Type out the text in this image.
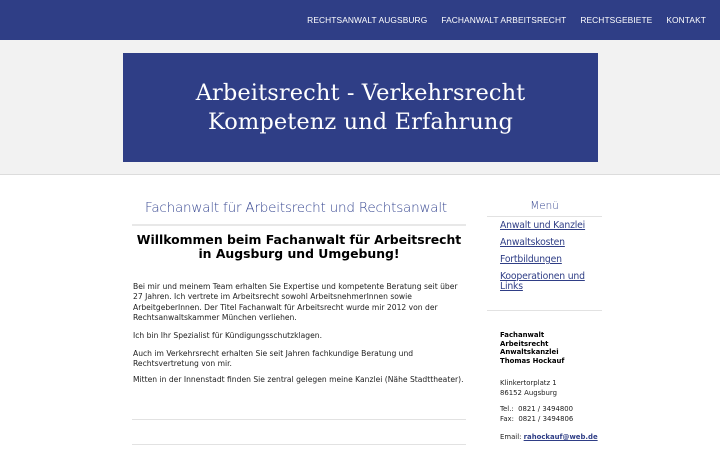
RECHTSANWALT AUGSBURG FACHANWALT ARBEITSRECHT RECHTSGEBIETE KONTAKT
Arbeitsrecht - Verkehrsrecht
Kompetenz und Erfahrung
Fachanwalt für Arbeitsrecht und Rechtsanwalt
Willkommen beim Fachanwalt für Arbeitsrecht in Augsburg und Umgebung!

Bei mir und meinem Team erhalten Sie Expertise und kompetente Beratung seit über 27 Jahren. Ich vertrete im Arbeitsrecht sowohl ArbeitsnehmerInnen sowie ArbeitgeberInnen. Der Titel Fachanwalt für Arbeitsrecht wurde mir 2012 von der Rechtsanwaltskammer München verliehen.

Ich bin Ihr Spezialist für Kündigungsschutzklagen.

Auch im Verkehrsrecht erhalten Sie seit Jahren fachkundige Beratung und Rechtsvertretung von mir.

Mitten in der Innenstadt finden Sie zentral gelegen meine Kanzlei (Nähe Stadttheater).

Menü
Anwalt und Kanzlei
Anwaltskosten
Fortbildungen
Kooperationen und Links
Fachanwalt
Arbeitsrecht
Anwaltskanzlei
Thomas Hockauf
Klinkertorplatz 1
86152 Augsburg
Tel.:  0821 / 3494800
Fax:  0821 / 3494806
Email: rahockauf@web.de
